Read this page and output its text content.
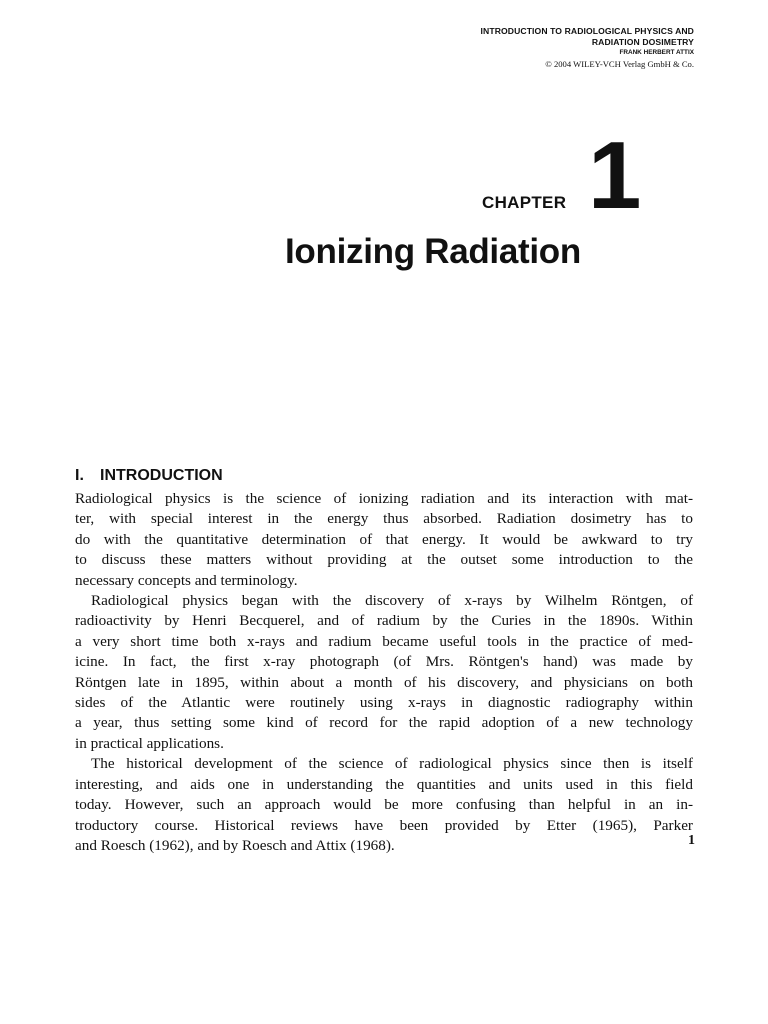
INTRODUCTION TO RADIOLOGICAL PHYSICS AND
RADIATION DOSIMETRY
FRANK HERBERT ATTIX
© 2004 WILEY-VCH Verlag GmbH & Co.
CHAPTER 1
Ionizing Radiation
I. INTRODUCTION
Radiological physics is the science of ionizing radiation and its interaction with mat-
ter, with special interest in the energy thus absorbed. Radiation dosimetry has to
do with the quantitative determination of that energy. It would be awkward to try
to discuss these matters without providing at the outset some introduction to the
necessary concepts and terminology.
Radiological physics began with the discovery of x-rays by Wilhelm Röntgen, of
radioactivity by Henri Becquerel, and of radium by the Curies in the 1890s. Within
a very short time both x-rays and radium became useful tools in the practice of med-
icine. In fact, the first x-ray photograph (of Mrs. Röntgen's hand) was made by
Röntgen late in 1895, within about a month of his discovery, and physicians on both
sides of the Atlantic were routinely using x-rays in diagnostic radiography within
a year, thus setting some kind of record for the rapid adoption of a new technology
in practical applications.
The historical development of the science of radiological physics since then is itself
interesting, and aids one in understanding the quantities and units used in this field
today. However, such an approach would be more confusing than helpful in an in-
troductory course. Historical reviews have been provided by Etter (1965), Parker
and Roesch (1962), and by Roesch and Attix (1968).	1
